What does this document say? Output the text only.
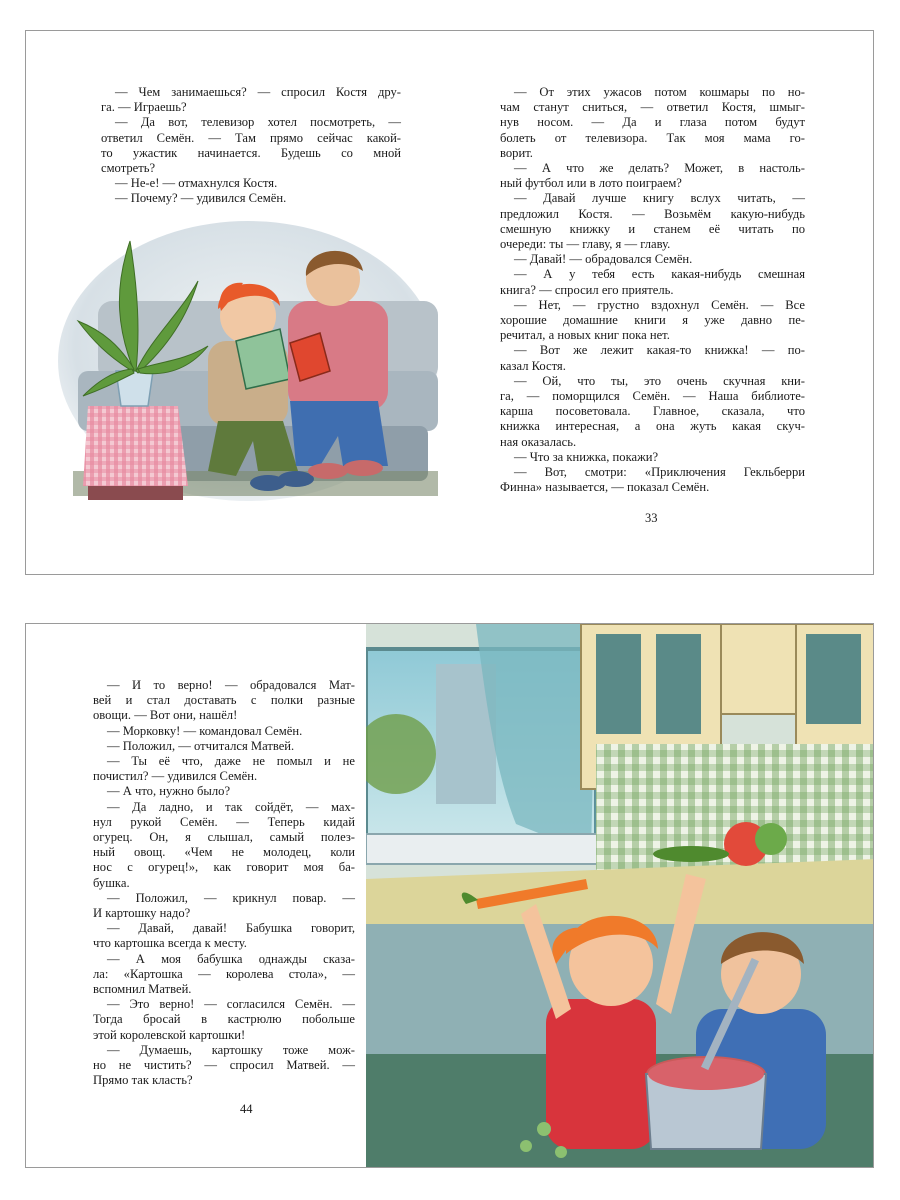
— Чем занимаешься? — спросил Костя дру-
га. — Играешь?
— Да вот, телевизор хотел посмотреть, —
ответил Семён. — Там прямо сейчас какой-
то ужастик начинается. Будешь со мной
смотреть?
— Не-е! — отмахнулся Костя.
— Почему? — удивился Семён.
— От этих ужасов потом кошмары по но-
чам станут сниться, — ответил Костя, шмыг-
нув носом. — Да и глаза потом будут
болеть от телевизора. Так моя мама го-
ворит.
— А что же делать? Может, в настоль-
ный футбол или в лото поиграем?
— Давай лучше книгу вслух читать, —
предложил Костя. — Возьмём какую-нибудь
смешную книжку и станем её читать по
очереди: ты — главу, я — главу.
— Давай! — обрадовался Семён.
— А у тебя есть какая-нибудь смешная
книга? — спросил его приятель.
— Нет, — грустно вздохнул Семён. — Все
хорошие домашние книги я уже давно пе-
речитал, а новых книг пока нет.
— Вот же лежит какая-то книжка! — по-
казал Костя.
— Ой, что ты, это очень скучная кни-
га, — поморщился Семён. — Наша библиоте-
карша посоветовала. Главное, сказала, что
книжка интересная, а она жуть какая скуч-
ная оказалась.
— Что за книжка, покажи?
— Вот, смотри: «Приключения Гекльберри
Финна» называется, — показал Семён.
33
— И то верно! — обрадовался Мат-
вей и стал доставать с полки разные
овощи. — Вот они, нашёл!
— Морковку! — командовал Семён.
— Положил, — отчитался Матвей.
— Ты её что, даже не помыл и не
почистил? — удивился Семён.
— А что, нужно было?
— Да ладно, и так сойдёт, — мах-
нул рукой Семён. — Теперь кидай
огурец. Он, я слышал, самый полез-
ный овощ. «Чем не молодец, коли
нос с огурец!», как говорит моя ба-
бушка.
— Положил, — крикнул повар. —
И картошку надо?
— Давай, давай! Бабушка говорит,
что картошка всегда к месту.
— А моя бабушка однажды сказа-
ла: «Картошка — королева стола», —
вспомнил Матвей.
— Это верно! — согласился Семён. —
Тогда бросай в кастрюлю побольше
этой королевской картошки!
— Думаешь, картошку тоже мож-
но не чистить? — спросил Матвей. —
Прямо так класть?
44
